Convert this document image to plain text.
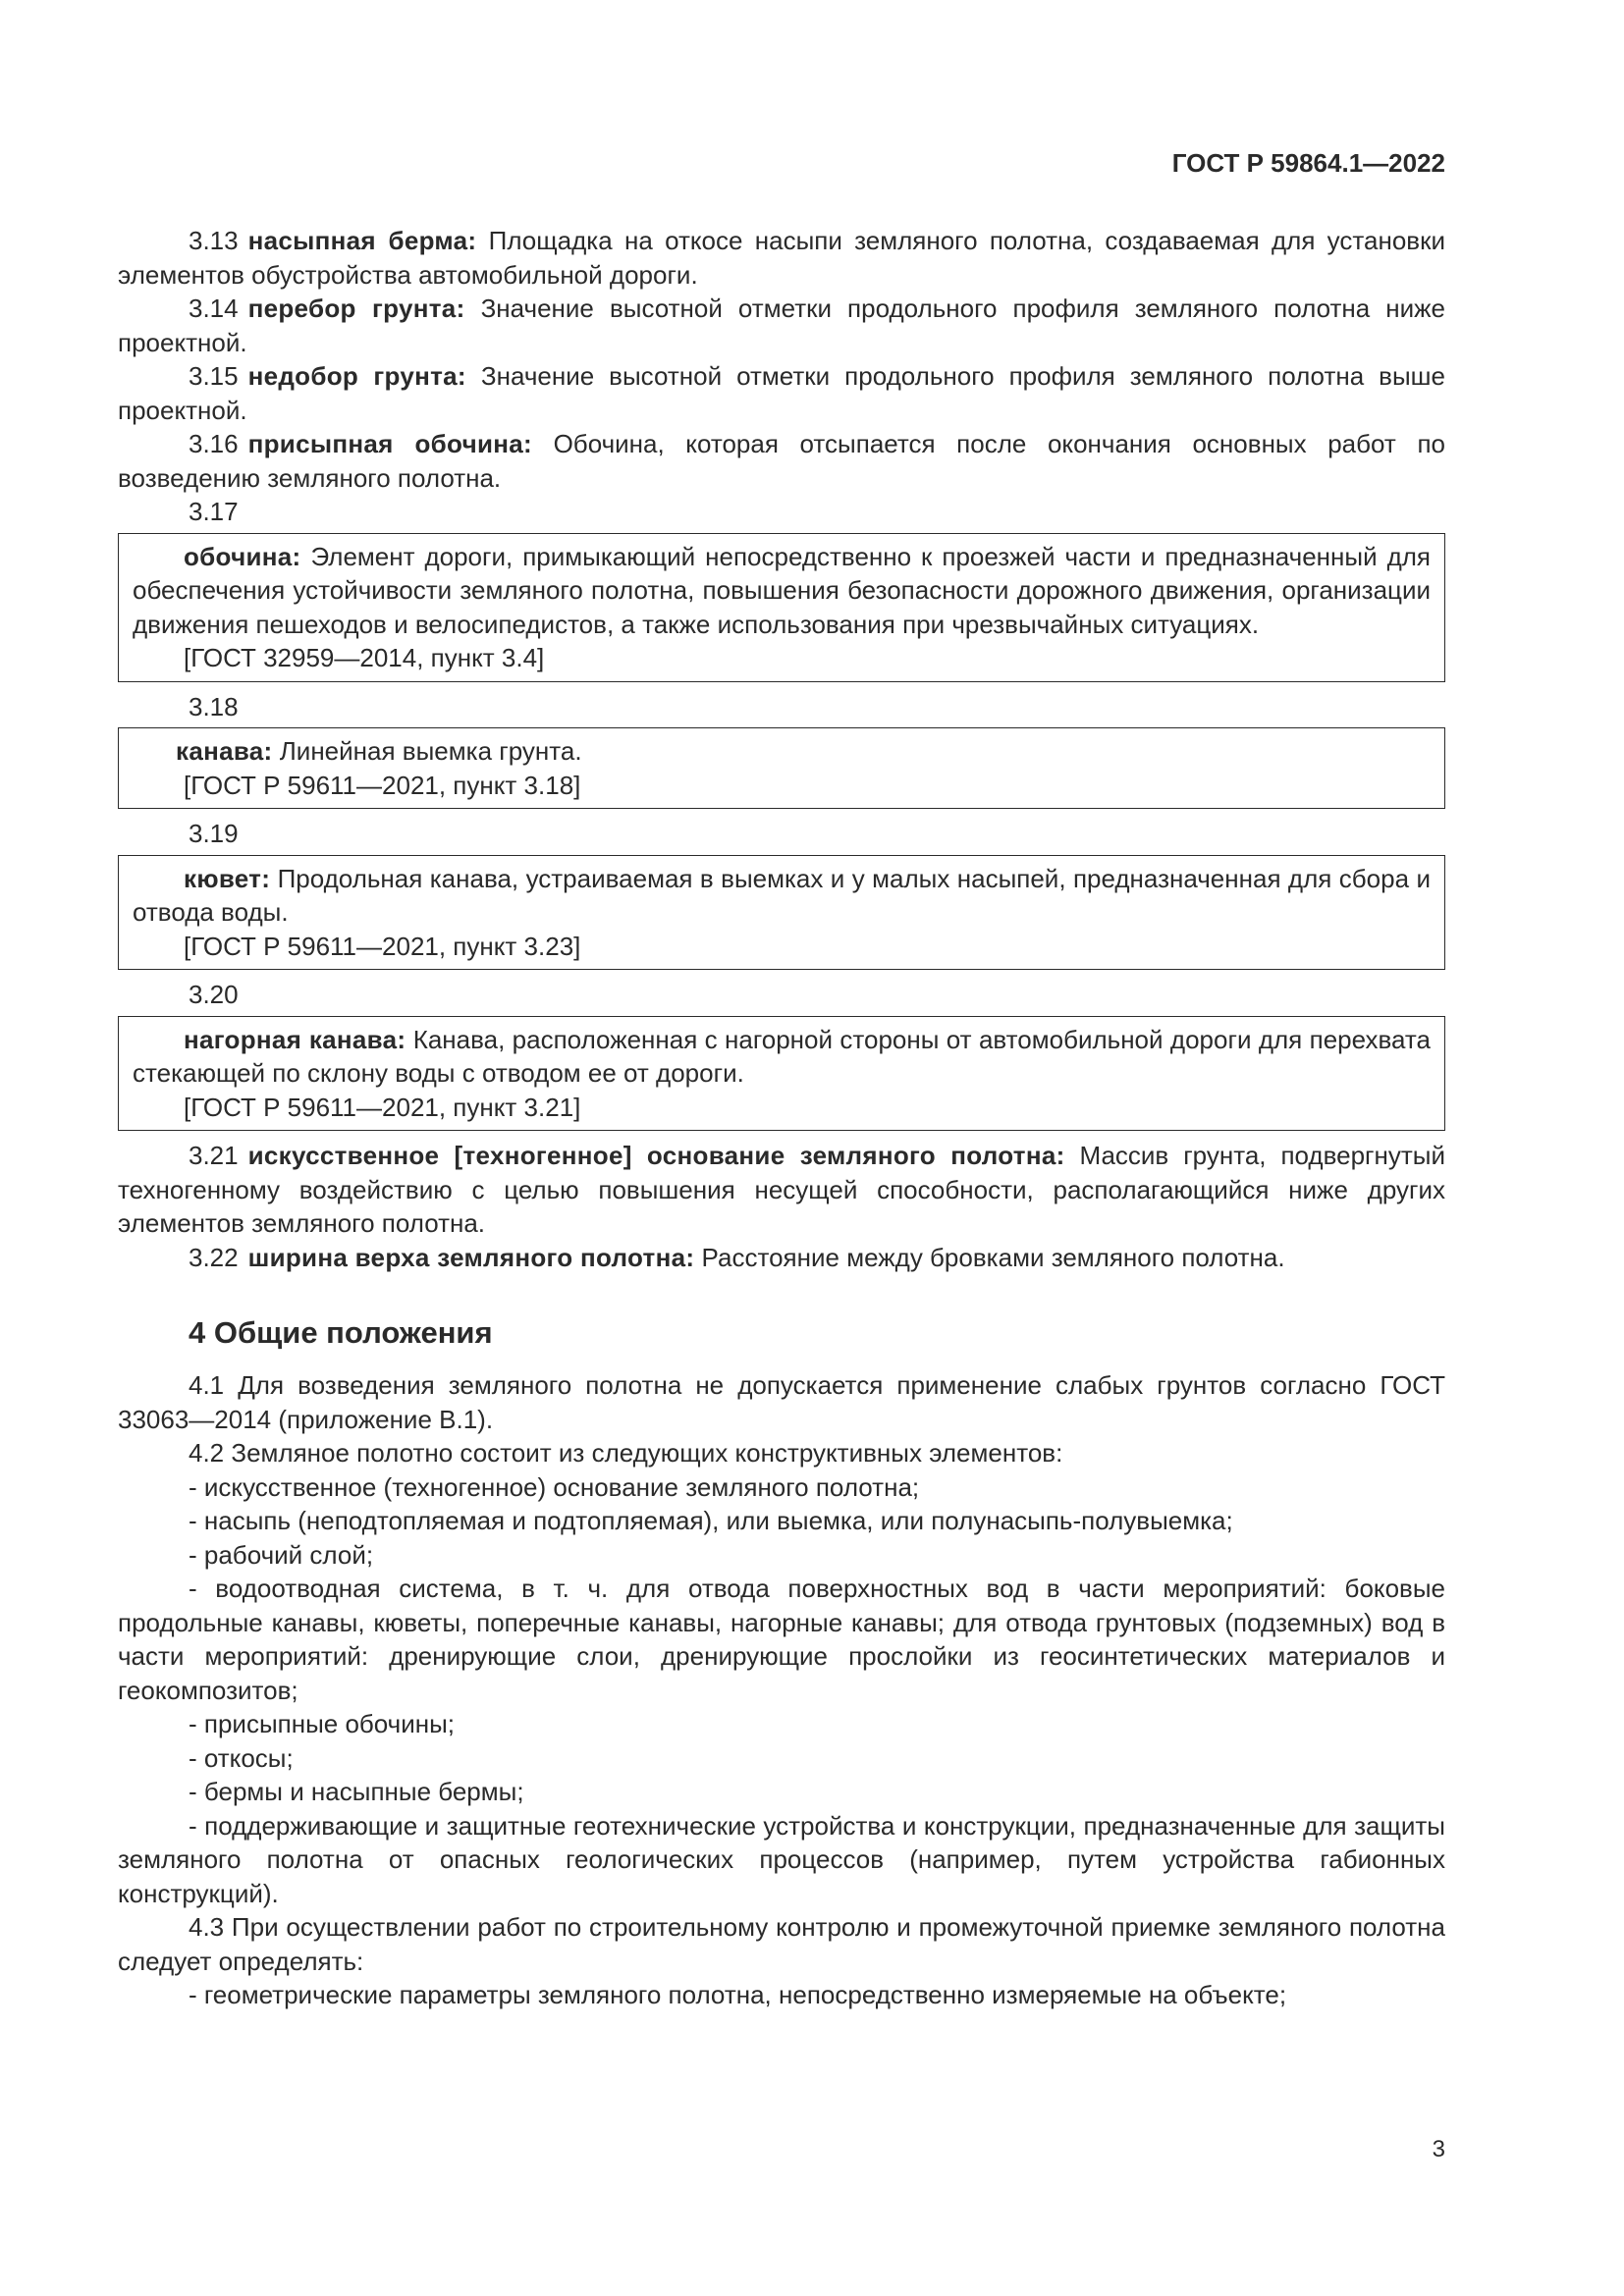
ГОСТ Р 59864.1—2022

3.13 насыпная берма: Площадка на откосе насыпи земляного полотна, создаваемая для установки элементов обустройства автомобильной дороги.

3.14 перебор грунта: Значение высотной отметки продольного профиля земляного полотна ниже проектной.

3.15 недобор грунта: Значение высотной отметки продольного профиля земляного полотна выше проектной.

3.16 присыпная обочина: Обочина, которая отсыпается после окончания основных работ по возведению земляного полотна.

3.17

обочина: Элемент дороги, примыкающий непосредственно к проезжей части и предназначенный для обеспечения устойчивости земляного полотна, повышения безопасности дорожного движения, организации движения пешеходов и велосипедистов, а также использования при чрезвычайных ситуациях.

[ГОСТ 32959—2014, пункт 3.4]

3.18

канава: Линейная выемка грунта.

[ГОСТ Р 59611—2021, пункт 3.18]

3.19

кювет: Продольная канава, устраиваемая в выемках и у малых насыпей, предназначенная для сбора и отвода воды.

[ГОСТ Р 59611—2021, пункт 3.23]

3.20

нагорная канава: Канава, расположенная с нагорной стороны от автомобильной дороги для перехвата стекающей по склону воды с отводом ее от дороги.

[ГОСТ Р 59611—2021, пункт 3.21]

3.21 искусственное [техногенное] основание земляного полотна: Массив грунта, подвергнутый техногенному воздействию с целью повышения несущей способности, располагающийся ниже других элементов земляного полотна.

3.22 ширина верха земляного полотна: Расстояние между бровками земляного полотна.

4 Общие положения

4.1 Для возведения земляного полотна не допускается применение слабых грунтов согласно ГОСТ 33063—2014 (приложение В.1).

4.2 Земляное полотно состоит из следующих конструктивных элементов:

- искусственное (техногенное) основание земляного полотна;

- насыпь (неподтопляемая и подтопляемая), или выемка, или полунасыпь-полувыемка;

- рабочий слой;

- водоотводная система, в т. ч. для отвода поверхностных вод в части мероприятий: боковые продольные канавы, кюветы, поперечные канавы, нагорные канавы; для отвода грунтовых (подземных) вод в части мероприятий: дренирующие слои, дренирующие прослойки из геосинтетических материалов и геокомпозитов;

- присыпные обочины;

- откосы;

- бермы и насыпные бермы;

- поддерживающие и защитные геотехнические устройства и конструкции, предназначенные для защиты земляного полотна от опасных геологических процессов (например, путем устройства габионных конструкций).

4.3 При осуществлении работ по строительному контролю и промежуточной приемке земляного полотна следует определять:

- геометрические параметры земляного полотна, непосредственно измеряемые на объекте;

3
